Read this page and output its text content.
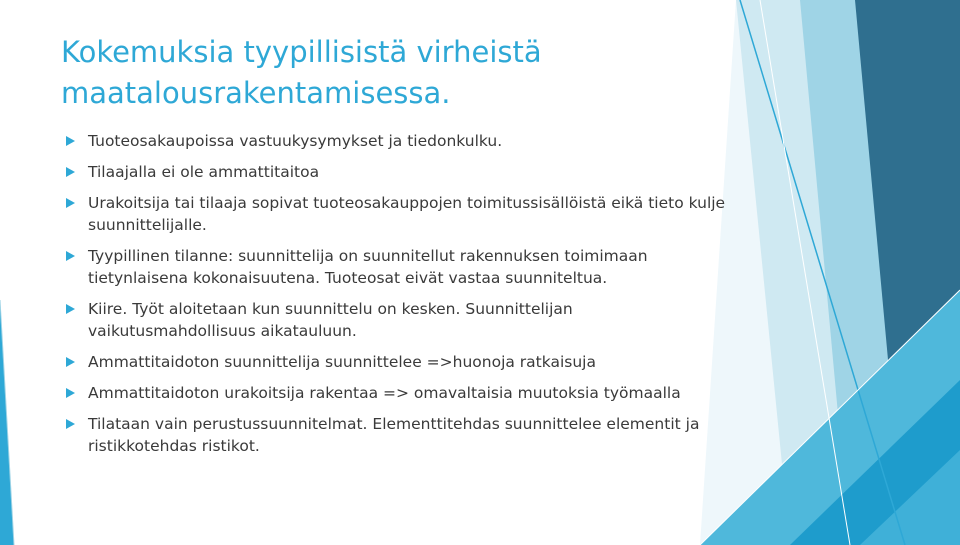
Kokemuksia tyypillisistä virheistä maatalousrakentamisessa.
Tuoteosakaupoissa vastuukysymykset ja tiedonkulku.
Tilaajalla ei ole ammattitaitoa
Urakoitsija tai tilaaja sopivat tuoteosakauppojen toimitussisällöistä eikä tieto kulje suunnittelijalle.
Tyypillinen tilanne: suunnittelija on suunnitellut rakennuksen toimimaan tietynlaisena kokonaisuutena. Tuoteosat eivät vastaa suunniteltua.
Kiire. Työt aloitetaan kun suunnittelu on kesken. Suunnittelijan vaikutusmahdollisuus aikatauluun.
Ammattitaidoton suunnittelija suunnittelee =>huonoja ratkaisuja
Ammattitaidoton urakoitsija rakentaa => omavaltaisia muutoksia työmaalla
Tilataan vain perustussuunnitelmat. Elementtitehdas suunnittelee elementit ja ristikkotehdas ristikot.
